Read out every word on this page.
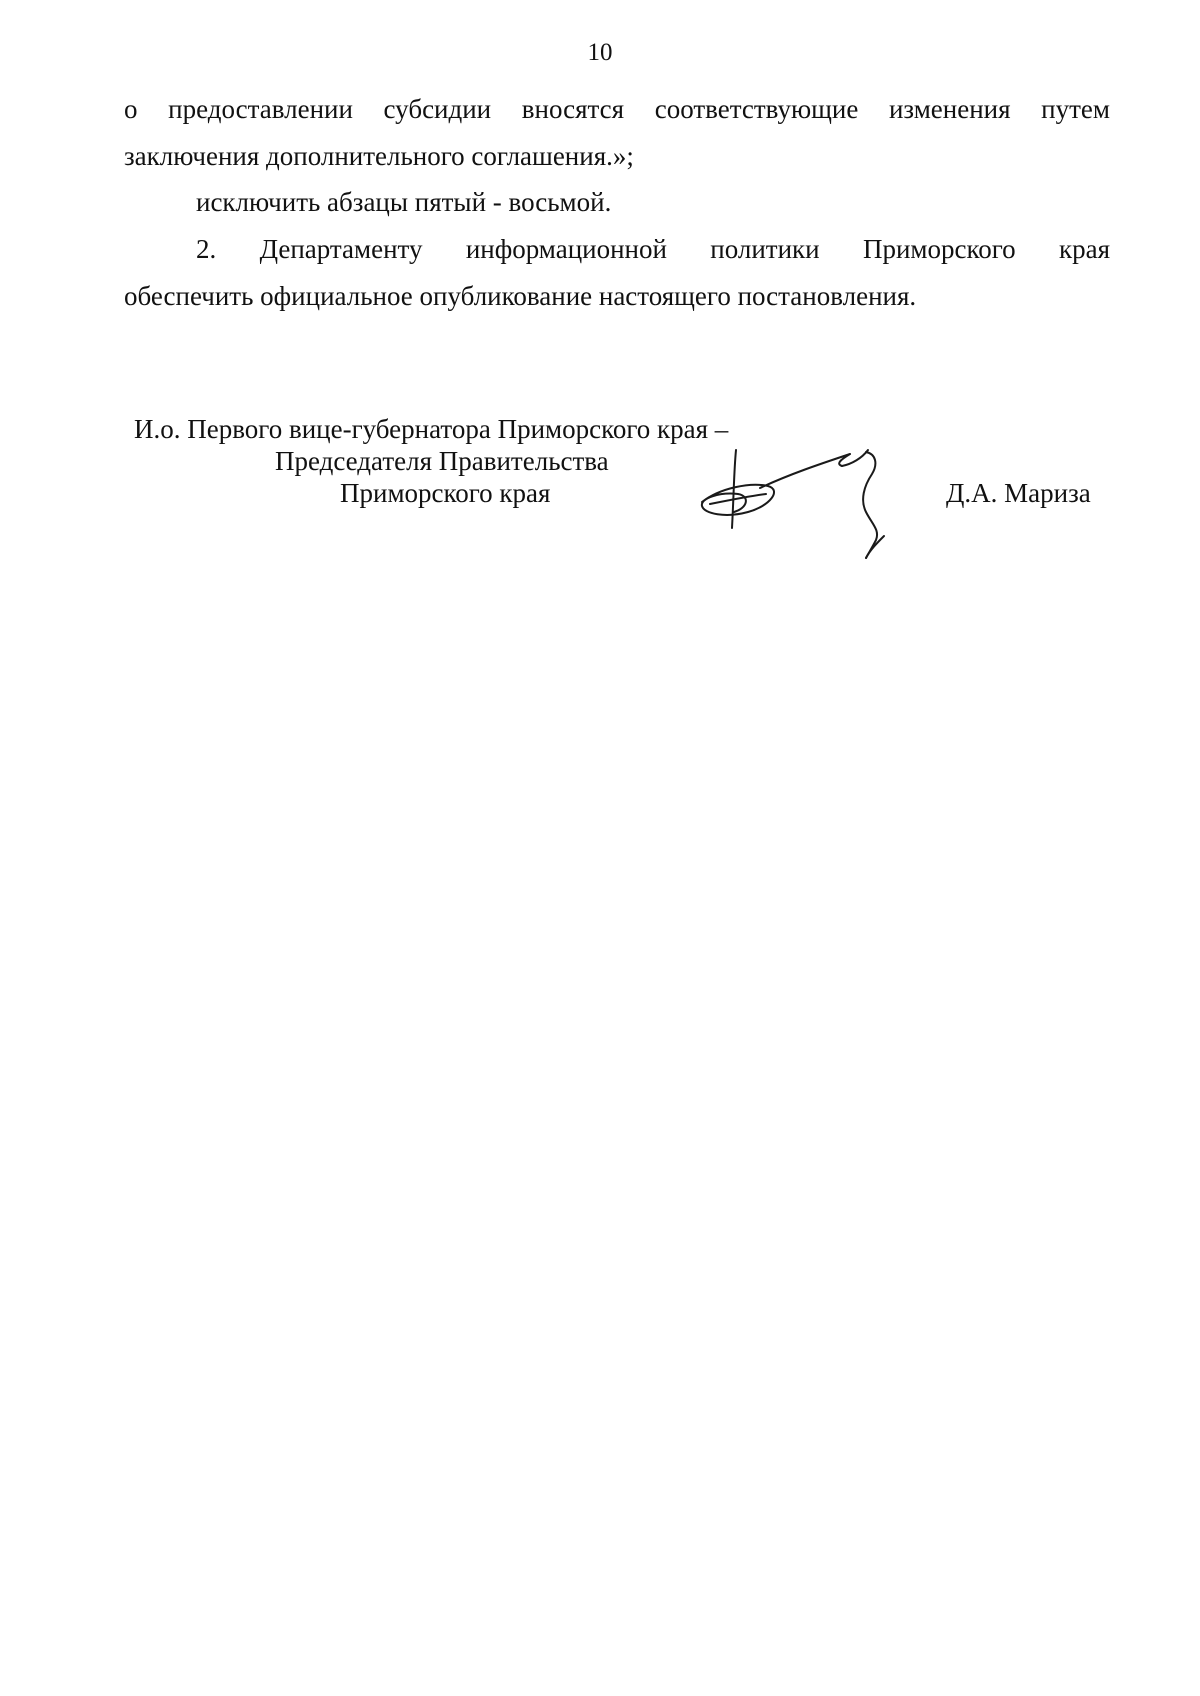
10
о предоставлении субсидии вносятся соответствующие изменения путем
заключения дополнительного соглашения.»;
исключить абзацы пятый - восьмой.
2. Департаменту информационной политики Приморского края
обеспечить официальное опубликование настоящего постановления.
И.о. Первого вице-губернатора Приморского края –
Председателя Правительства
Приморского края	Д.А. Мариза
